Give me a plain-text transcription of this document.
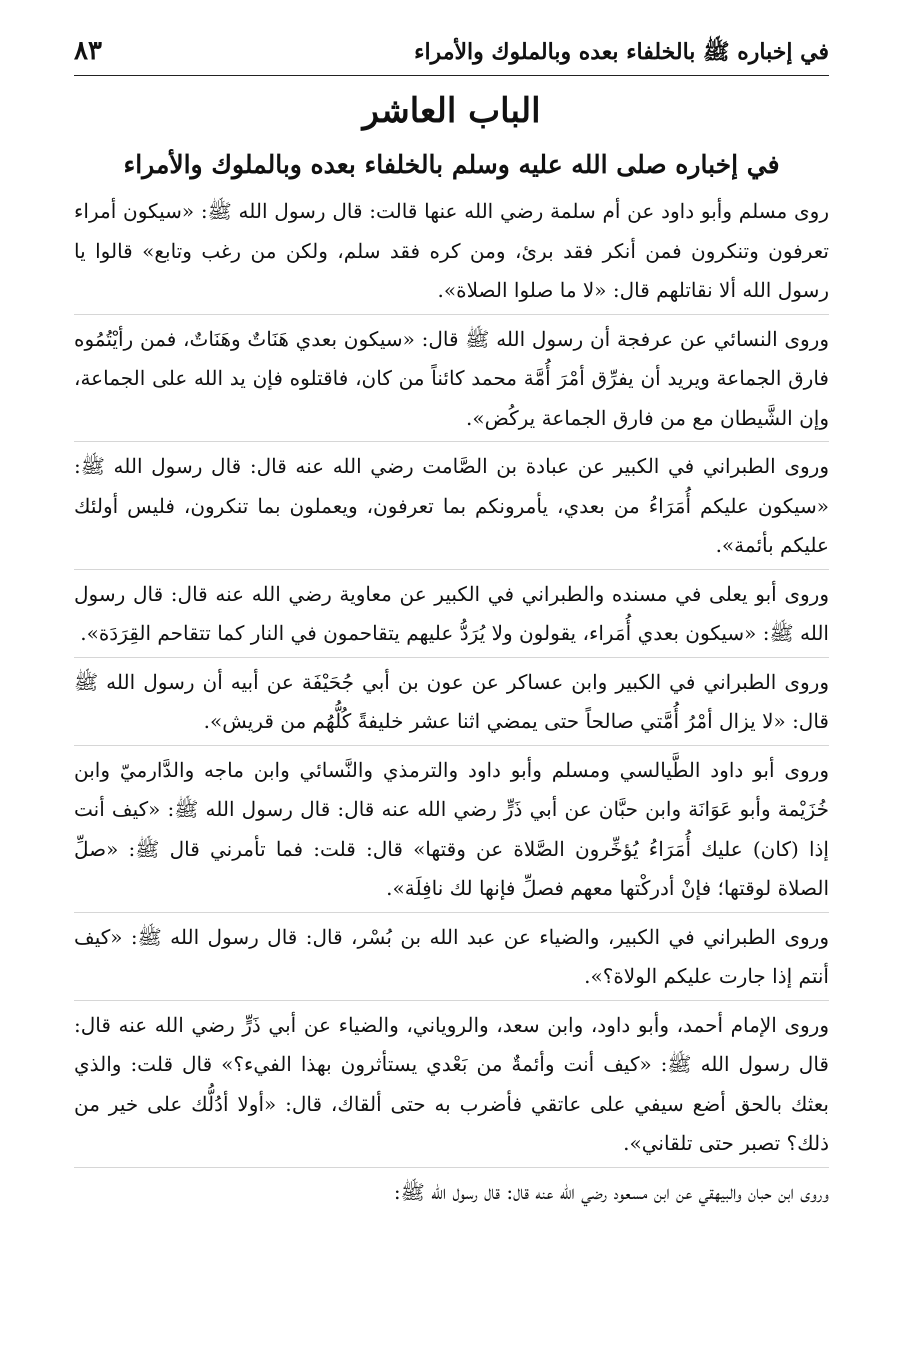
في إخباره ﷺ بالخلفاء بعده وبالملوك والأمراء
٨٣
الباب العاشر
في إخباره صلى الله عليه وسلم بالخلفاء بعده وبالملوك والأمراء

روى مسلم وأبو داود عن أم سلمة رضي الله عنها قالت: قال رسول الله ﷺ: «سيكون أمراء تعرفون وتنكرون فمن أنكر فقد برئ، ومن كره فقد سلم، ولكن من رغب وتابع» قالوا يا رسول الله ألا نقاتلهم قال: «لا ما صلوا الصلاة».

وروى النسائي عن عرفجة أن رسول الله ﷺ قال: «سيكون بعدي هَنَاتٌ وهَنَاتٌ، فمن رأيْتُمُوه فارق الجماعة ويريد أن يفرِّق أمْرَ أُمَّة محمد كائناً من كان، فاقتلوه فإن يد الله على الجماعة، وإن الشَّيطان مع من فارق الجماعة يركُض».

وروى الطبراني في الكبير عن عبادة بن الصَّامت رضي الله عنه قال: قال رسول الله ﷺ: «سيكون عليكم أُمَرَاءُ من بعدي، يأمرونكم بما تعرفون، ويعملون بما تنكرون، فليس أولئك عليكم بأئمة».

وروى أبو يعلى في مسنده والطبراني في الكبير عن معاوية رضي الله عنه قال: قال رسول الله ﷺ: «سيكون بعدي أُمَراء، يقولون ولا يُرَدُّ عليهم يتقاحمون في النار كما تتقاحم القِرَدَة».

وروى الطبراني في الكبير وابن عساكر عن عون بن أبي جُحَيْفَة عن أبيه أن رسول الله ﷺ قال: «لا يزال أمْرُ أُمَّتي صالحاً حتى يمضي اثنا عشر خليفةً كُلُّهُم من قريش».

وروى أبو داود الطَّيالسي ومسلم وأبو داود والترمذي والنَّسائي وابن ماجه والدَّارميّ وابن خُزَيْمة وأبو عَوَانَة وابن حبَّان عن أبي ذَرٍّ رضي الله عنه قال: قال رسول الله ﷺ: «كيف أنت إذا (كان) عليك أُمَرَاءُ يُؤخِّرون الصَّلاة عن وقتها» قال: قلت: فما تأمرني قال ﷺ: «صلِّ الصلاة لوقتها؛ فإنْ أدركْتها معهم فصلِّ فإنها لك نافِلَة».

وروى الطبراني في الكبير، والضياء عن عبد الله بن بُسْر، قال: قال رسول الله ﷺ: «كيف أنتم إذا جارت عليكم الولاة؟».

وروى الإمام أحمد، وأبو داود، وابن سعد، والروياني، والضياء عن أبي ذَرٍّ رضي الله عنه قال: قال رسول الله ﷺ: «كيف أنت وأئمةٌ من بَعْدي يستأثرون بهذا الفيء؟» قال قلت: والذي بعثك بالحق أضع سيفي على عاتقي فأضرب به حتى ألقاك، قال: «أولا أدُلُّك على خير من ذلك؟ تصبر حتى تلقاني».

وروى ابن حبان والبيهقي عن ابن مسعود رضي الله عنه قال: قال رسول الله ﷺ:
